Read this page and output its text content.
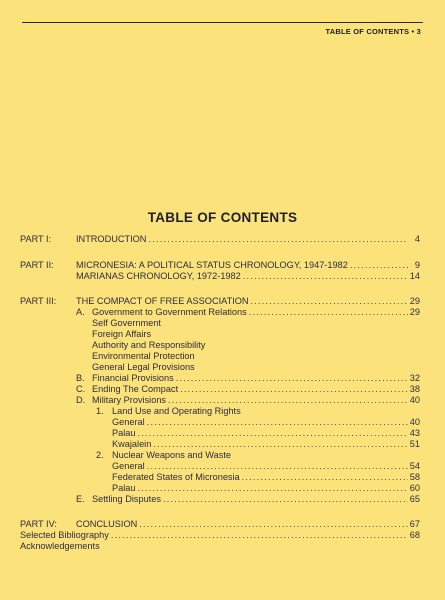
TABLE OF CONTENTS • 3
TABLE OF CONTENTS
PART I:	INTRODUCTION .....	4
PART II: MICRONESIA: A POLITICAL STATUS CHRONOLOGY, 1947-1982 .....	9
MARIANAS CHRONOLOGY, 1972-1982 .....	14
PART III: THE COMPACT OF FREE ASSOCIATION .....	29
A. Government to Government Relations .....	29
Self Government
Foreign Affairs
Authority and Responsibility
Environmental Protection
General Legal Provisions
B. Financial Provisions .....	32
C. Ending The Compact .....	38
D. Military Provisions .....	40
1. Land Use and Operating Rights
General .....	40
Palau .....	43
Kwajalein .....	51
2. Nuclear Weapons and Waste
General .....	54
Federated States of Micronesia .....	58
Palau .....	60
E. Settling Disputes .....	65
PART IV: CONCLUSION .....	67
Selected Bibliography .....	68
Acknowledgements
